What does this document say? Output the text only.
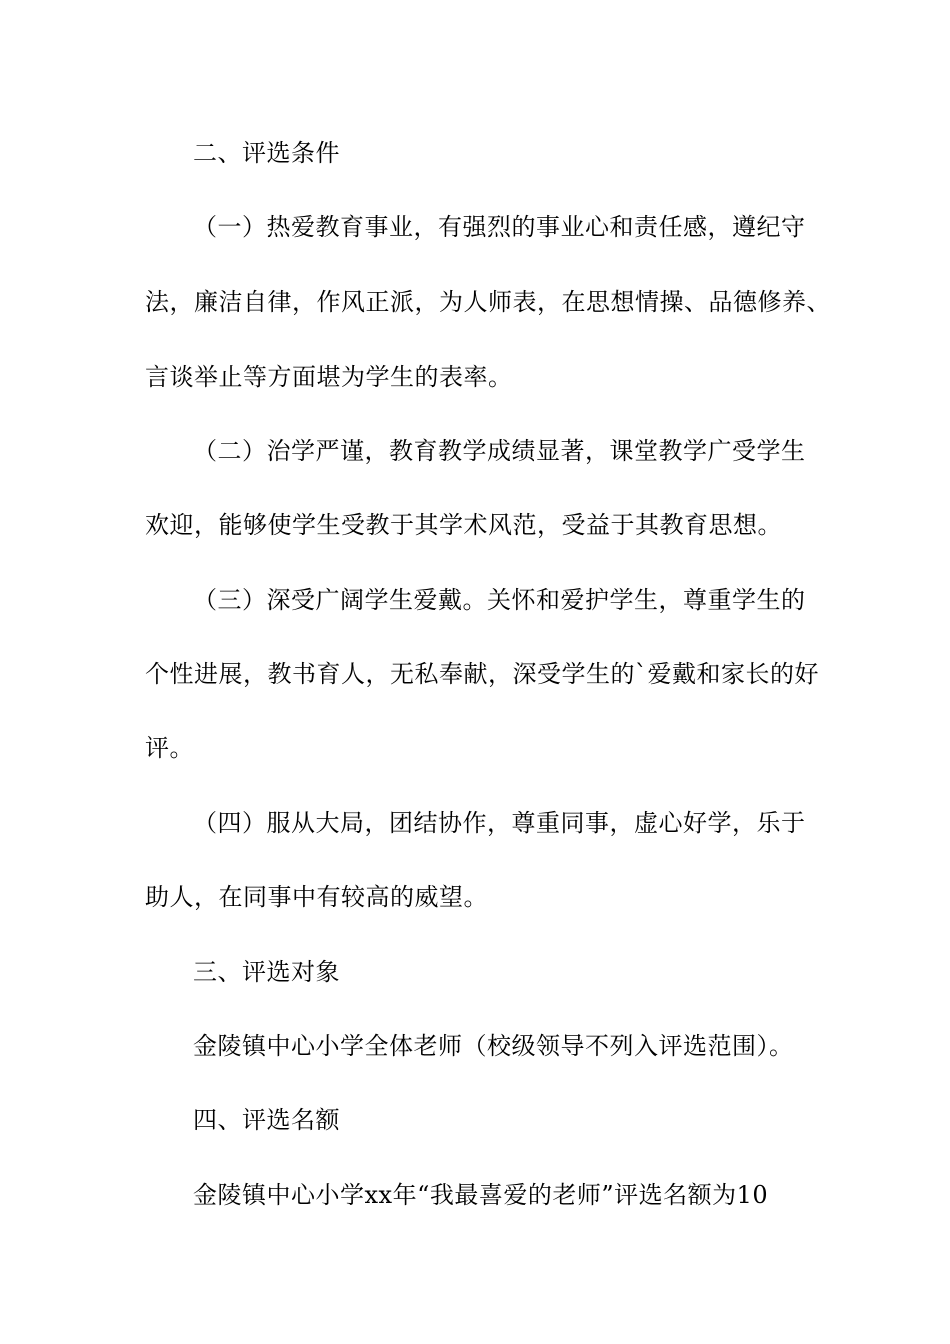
二、评选条件
（一）热爱教育事业，有强烈的事业心和责任感，遵纪守
法，廉洁自律，作风正派，为人师表，在思想情操、品德修养、
言谈举止等方面堪为学生的表率。
（二）治学严谨，教育教学成绩显著，课堂教学广受学生
欢迎，能够使学生受教于其学术风范，受益于其教育思想。
（三）深受广阔学生爱戴。关怀和爱护学生，尊重学生的
个性进展，教书育人，无私奉献，深受学生的`爱戴和家长的好
评。
（四）服从大局，团结协作，尊重同事，虚心好学，乐于
助人，在同事中有较高的威望。
三、评选对象
金陵镇中心小学全体老师（校级领导不列入评选范围）。
四、评选名额
金陵镇中心小学xx年“我最喜爱的老师”评选名额为10
